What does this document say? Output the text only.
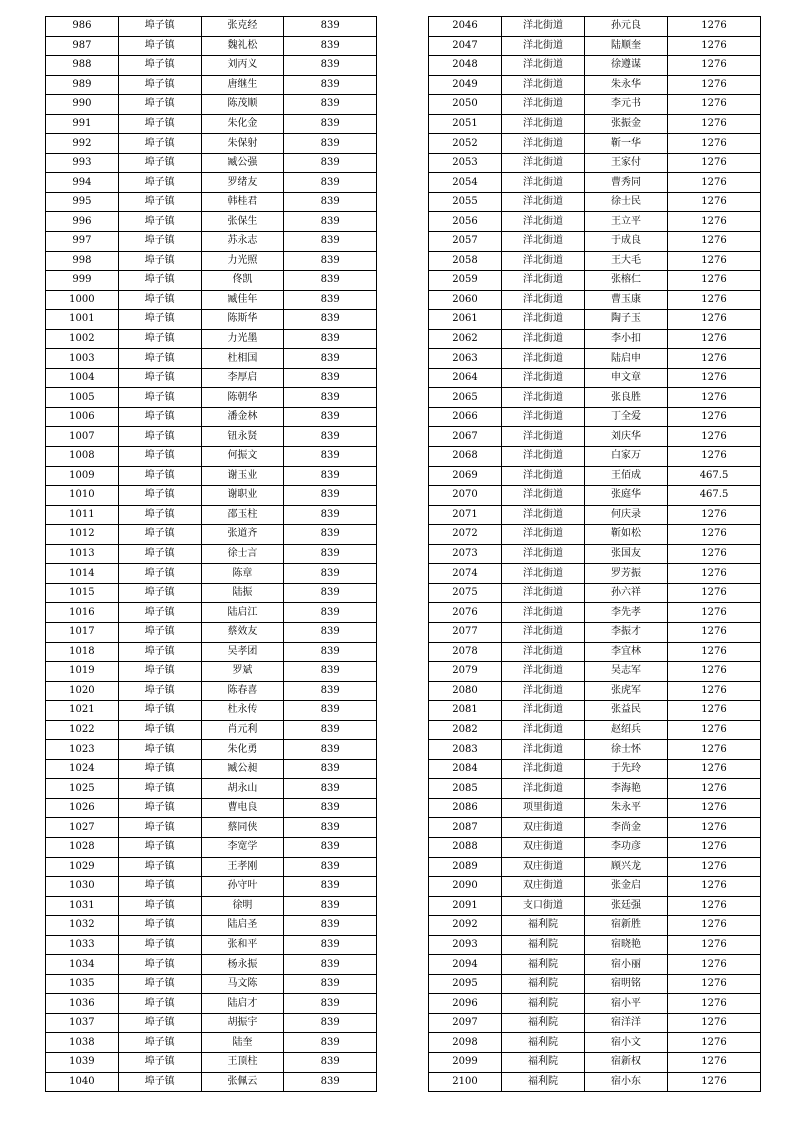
986	埠子镇	张克经	839
987	埠子镇	魏礼松	839
988	埠子镇	刘丙义	839
989	埠子镇	唐继生	839
990	埠子镇	陈茂顺	839
991	埠子镇	朱化金	839
992	埠子镇	朱保射	839
993	埠子镇	臧公强	839
994	埠子镇	罗绪友	839
995	埠子镇	韩桂君	839
996	埠子镇	张保生	839
997	埠子镇	苏永志	839
998	埠子镇	力光照	839
999	埠子镇	佟凯	839
1000	埠子镇	臧佳年	839
1001	埠子镇	陈斯华	839
1002	埠子镇	力光墨	839
1003	埠子镇	杜相国	839
1004	埠子镇	李厚启	839
1005	埠子镇	陈朝华	839
1006	埠子镇	潘金林	839
1007	埠子镇	钮永贤	839
1008	埠子镇	何振文	839
1009	埠子镇	谢玉业	839
1010	埠子镇	谢职业	839
1011	埠子镇	邵玉柱	839
1012	埠子镇	张道齐	839
1013	埠子镇	徐士言	839
1014	埠子镇	陈章	839
1015	埠子镇	陆振	839
1016	埠子镇	陆启江	839
1017	埠子镇	蔡效友	839
1018	埠子镇	吴孝团	839
1019	埠子镇	罗斌	839
1020	埠子镇	陈春喜	839
1021	埠子镇	杜永传	839
1022	埠子镇	肖元利	839
1023	埠子镇	朱化勇	839
1024	埠子镇	臧公昶	839
1025	埠子镇	胡永山	839
1026	埠子镇	曹电良	839
1027	埠子镇	蔡同侠	839
1028	埠子镇	李宽学	839
1029	埠子镇	王孝刚	839
1030	埠子镇	孙守叶	839
1031	埠子镇	徐明	839
1032	埠子镇	陆启圣	839
1033	埠子镇	张和平	839
1034	埠子镇	杨永振	839
1035	埠子镇	马文陈	839
1036	埠子镇	陆启才	839
1037	埠子镇	胡振宇	839
1038	埠子镇	陆奎	839
1039	埠子镇	王顶柱	839
1040	埠子镇	张佩云	839
2046	洋北街道	孙元良	1276
2047	洋北街道	陆顺奎	1276
2048	洋北街道	徐遵谋	1276
2049	洋北街道	朱永华	1276
2050	洋北街道	李元书	1276
2051	洋北街道	张振金	1276
2052	洋北街道	靳一华	1276
2053	洋北街道	王家付	1276
2054	洋北街道	曹秀同	1276
2055	洋北街道	徐士民	1276
2056	洋北街道	王立平	1276
2057	洋北街道	于成良	1276
2058	洋北街道	王大毛	1276
2059	洋北街道	张榕仁	1276
2060	洋北街道	曹玉康	1276
2061	洋北街道	陶子玉	1276
2062	洋北街道	李小扣	1276
2063	洋北街道	陆启申	1276
2064	洋北街道	申文章	1276
2065	洋北街道	张良胜	1276
2066	洋北街道	丁全爱	1276
2067	洋北街道	刘庆华	1276
2068	洋北街道	白家万	1276
2069	洋北街道	王佰成	467.5
2070	洋北街道	张庭华	467.5
2071	洋北街道	何庆录	1276
2072	洋北街道	靳如松	1276
2073	洋北街道	张国友	1276
2074	洋北街道	罗芳振	1276
2075	洋北街道	孙六祥	1276
2076	洋北街道	李先孝	1276
2077	洋北街道	李振才	1276
2078	洋北街道	李宜林	1276
2079	洋北街道	吴志军	1276
2080	洋北街道	张虎军	1276
2081	洋北街道	张益民	1276
2082	洋北街道	赵绍兵	1276
2083	洋北街道	徐士怀	1276
2084	洋北街道	于先玲	1276
2085	洋北街道	李海艳	1276
2086	项里街道	朱永平	1276
2087	双庄街道	李尚金	1276
2088	双庄街道	李功彦	1276
2089	双庄街道	顾兴龙	1276
2090	双庄街道	张金启	1276
2091	支口街道	张廷强	1276
2092	福利院	宿新胜	1276
2093	福利院	宿晓艳	1276
2094	福利院	宿小丽	1276
2095	福利院	宿明铭	1276
2096	福利院	宿小平	1276
2097	福利院	宿洋洋	1276
2098	福利院	宿小文	1276
2099	福利院	宿新权	1276
2100	福利院	宿小东	1276
